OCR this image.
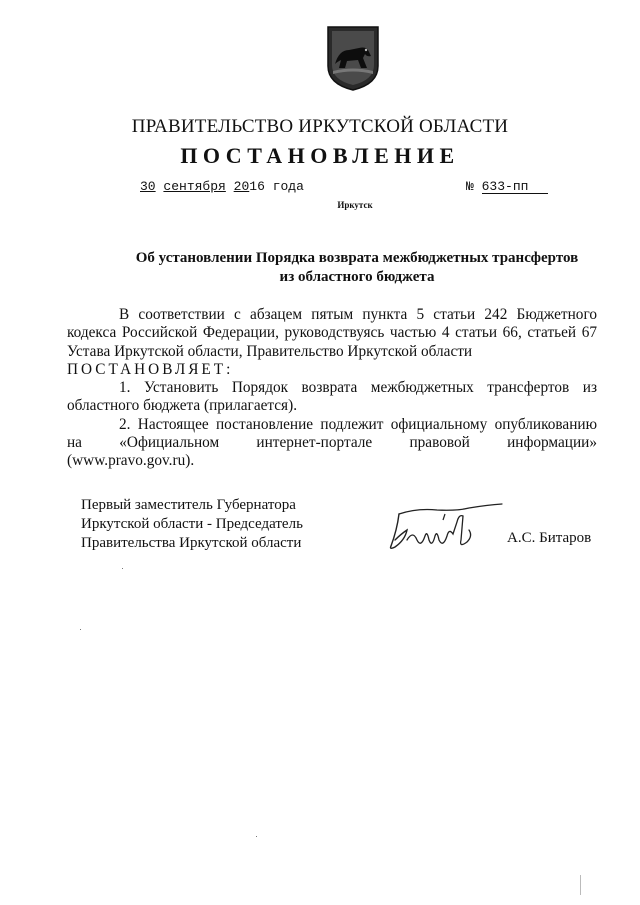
ПРАВИТЕЛЬСТВО ИРКУТСКОЙ ОБЛАСТИ
ПОСТАНОВЛЕНИЕ
30 сентября 2016 года	№ 633-пп
Иркутск
Об установлении Порядка возврата межбюджетных трансфертов
из областного бюджета

В соответствии с абзацем пятым пункта 5 статьи 242 Бюджетного кодекса Российской Федерации, руководствуясь частью 4 статьи 66, статьей 67 Устава Иркутской области, Правительство Иркутской области

ПОСТАНОВЛЯЕТ:

1. Установить Порядок возврата межбюджетных трансфертов из областного бюджета (прилагается).

2. Настоящее постановление подлежит официальному опубликованию на «Официальном интернет-портале правовой информации»

(www.pravo.gov.ru).

Первый заместитель Губернатора
Иркутской области - Председатель
Правительства Иркутской области	А.С. Битаров
